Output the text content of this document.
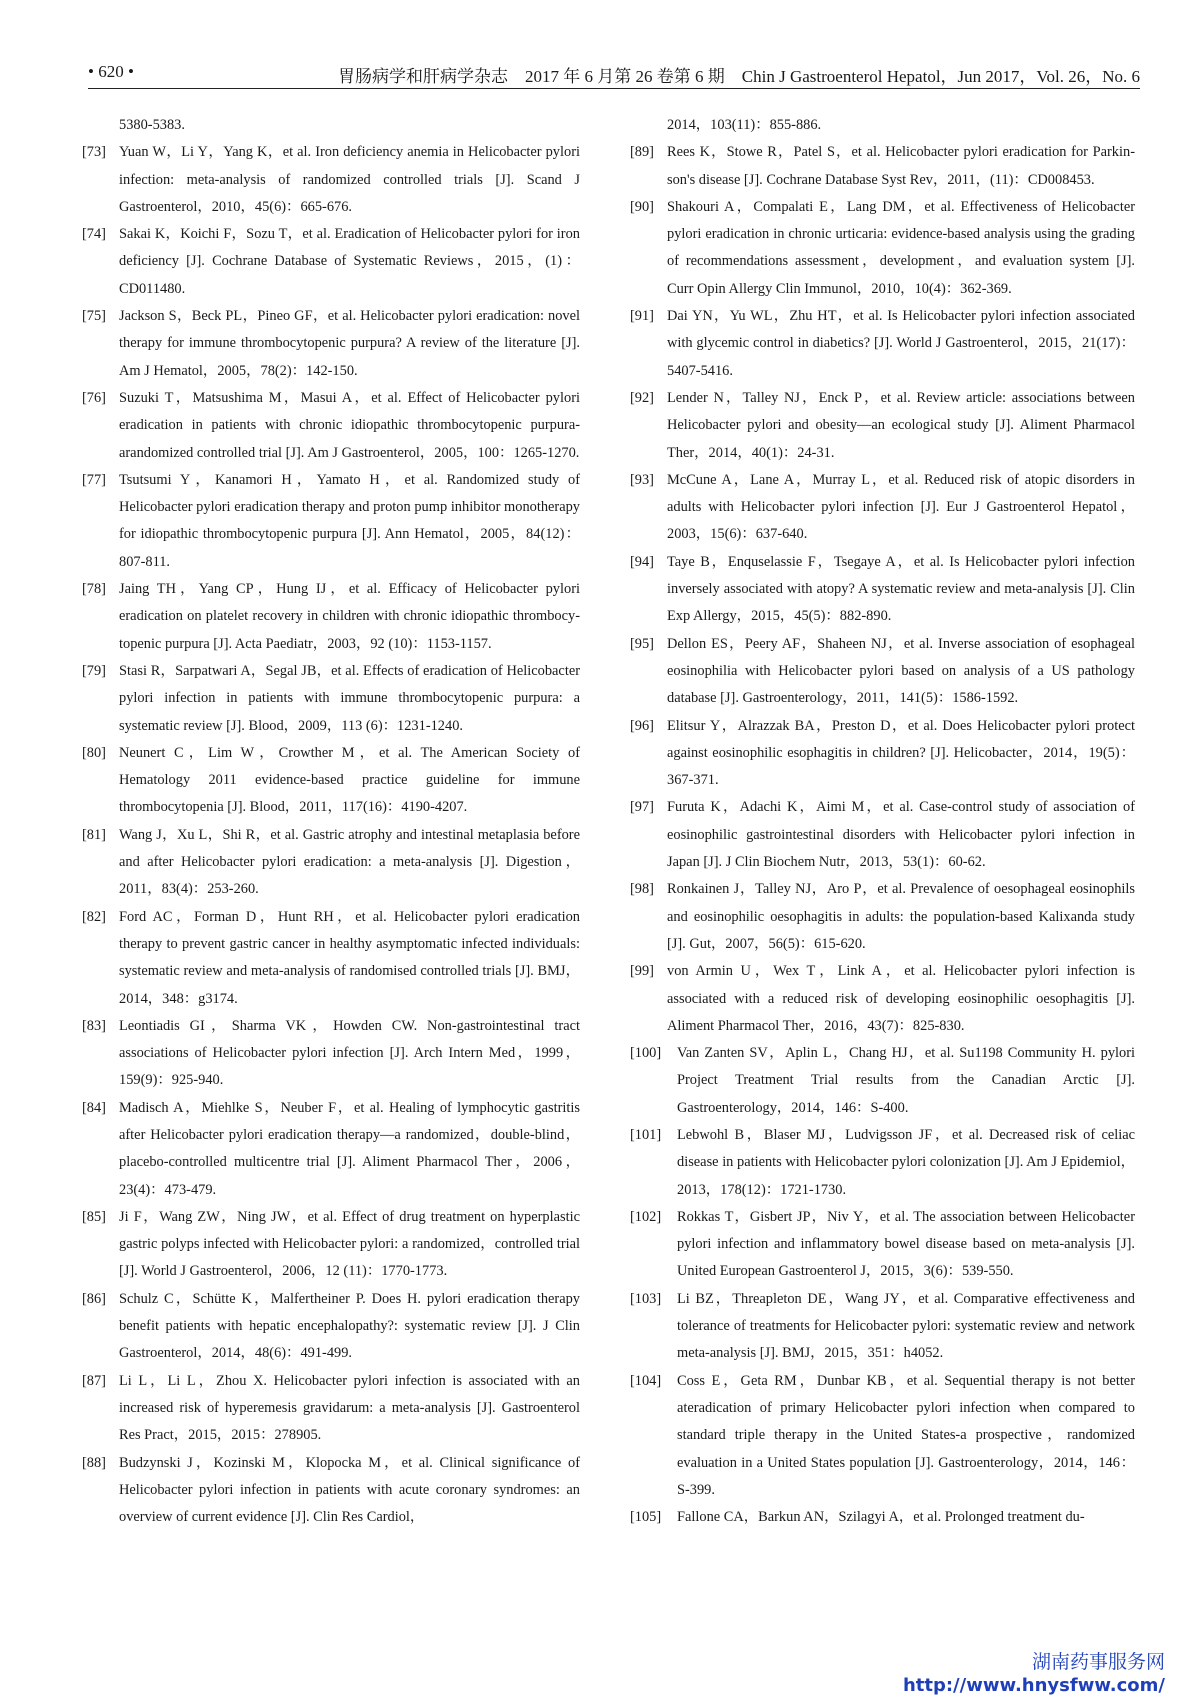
• 620 •	胃肠病学和肝病学杂志　2017 年 6 月第 26 卷第 6 期　Chin J Gastroenterol Hepatol，Jun 2017，Vol. 26，No. 6
5380-5383.
[73] Yuan W，Li Y，Yang K，et al. Iron deficiency anemia in Helicobacter pylori infection: meta-analysis of randomized controlled trials [J]. Scand J Gastroenterol，2010，45(6)：665-676.
[74] Sakai K，Koichi F，Sozu T，et al. Eradication of Helicobacter pylori for iron deficiency [J]. Cochrane Database of Systematic Reviews，2015，(1)：CD011480.
[75] Jackson S，Beck PL，Pineo GF，et al. Helicobacter pylori eradication: novel therapy for immune thrombocytopenic purpura? A review of the literature [J]. Am J Hematol，2005，78(2)：142-150.
[76] Suzuki T，Matsushima M，Masui A，et al. Effect of Helicobacter pylori eradication in patients with chronic idiopathic thrombocytopenic purpura-arandomized controlled trial [J]. Am J Gastroenterol，2005，100：1265-1270.
[77] Tsutsumi Y，Kanamori H，Yamato H，et al. Randomized study of Helicobacter pylori eradication therapy and proton pump inhibitor monotherapy for idiopathic thrombocytopenic purpura [J]. Ann Hematol，2005，84(12)：807-811.
[78] Jaing TH，Yang CP，Hung IJ，et al. Efficacy of Helicobacter pylori eradication on platelet recovery in children with chronic idiopathic thrombocy-topenic purpura [J]. Acta Paediatr，2003，92 (10)：1153-1157.
[79] Stasi R，Sarpatwari A，Segal JB，et al. Effects of eradication of Helicobacter pylori infection in patients with immune thrombocytopenic purpura: a systematic review [J]. Blood，2009，113 (6)：1231-1240.
[80] Neunert C，Lim W，Crowther M，et al. The American Society of Hematology 2011 evidence-based practice guideline for immune thrombocytopenia [J]. Blood，2011，117(16)：4190-4207.
[81] Wang J，Xu L，Shi R，et al. Gastric atrophy and intestinal metaplasia before and after Helicobacter pylori eradication: a meta-analysis [J]. Digestion，2011，83(4)：253-260.
[82] Ford AC，Forman D，Hunt RH，et al. Helicobacter pylori eradication therapy to prevent gastric cancer in healthy asymptomatic infected individuals: systematic review and meta-analysis of randomised controlled trials [J]. BMJ，2014，348：g3174.
[83] Leontiadis GI，Sharma VK，Howden CW. Non-gastrointestinal tract associations of Helicobacter pylori infection [J]. Arch Intern Med，1999，159(9)：925-940.
[84] Madisch A，Miehlke S，Neuber F，et al. Healing of lymphocytic gastritis after Helicobacter pylori eradication therapy—a randomized，double-blind，placebo-controlled multicentre trial [J]. Aliment Pharmacol Ther，2006，23(4)：473-479.
[85] Ji F，Wang ZW，Ning JW，et al. Effect of drug treatment on hyperplastic gastric polyps infected with Helicobacter pylori: a randomized，controlled trial [J]. World J Gastroenterol，2006，12 (11)：1770-1773.
[86] Schulz C，Schütte K，Malfertheiner P. Does H. pylori eradication therapy benefit patients with hepatic encephalopathy?: systematic review [J]. J Clin Gastroenterol，2014，48(6)：491-499.
[87] Li L，Li L，Zhou X. Helicobacter pylori infection is associated with an increased risk of hyperemesis gravidarum: a meta-analysis [J]. Gastroenterol Res Pract，2015，2015：278905.
[88] Budzynski J，Kozinski M，Klopocka M，et al. Clinical significance of Helicobacter pylori infection in patients with acute coronary syndromes: an overview of current evidence [J]. Clin Res Cardiol，
2014，103(11)：855-886.
[89] Rees K，Stowe R，Patel S，et al. Helicobacter pylori eradication for Parkin-son's disease [J]. Cochrane Database Syst Rev，2011，(11)：CD008453.
[90] Shakouri A，Compalati E，Lang DM，et al. Effectiveness of Helicobacter pylori eradication in chronic urticaria: evidence-based analysis using the grading of recommendations assessment，development，and evaluation system [J]. Curr Opin Allergy Clin Immunol，2010，10(4)：362-369.
[91] Dai YN，Yu WL，Zhu HT，et al. Is Helicobacter pylori infection associated with glycemic control in diabetics? [J]. World J Gastroenterol，2015，21(17)：5407-5416.
[92] Lender N，Talley NJ，Enck P，et al. Review article: associations between Helicobacter pylori and obesity—an ecological study [J]. Aliment Pharmacol Ther，2014，40(1)：24-31.
[93] McCune A，Lane A，Murray L，et al. Reduced risk of atopic disorders in adults with Helicobacter pylori infection [J]. Eur J Gastroenterol Hepatol，2003，15(6)：637-640.
[94] Taye B，Enquselassie F，Tsegaye A，et al. Is Helicobacter pylori infection inversely associated with atopy? A systematic review and meta-analysis [J]. Clin Exp Allergy，2015，45(5)：882-890.
[95] Dellon ES，Peery AF，Shaheen NJ，et al. Inverse association of esophageal eosinophilia with Helicobacter pylori based on analysis of a US pathology database [J]. Gastroenterology，2011，141(5)：1586-1592.
[96] Elitsur Y，Alrazzak BA，Preston D，et al. Does Helicobacter pylori protect against eosinophilic esophagitis in children? [J]. Helicobacter，2014，19(5)：367-371.
[97] Furuta K，Adachi K，Aimi M，et al. Case-control study of association of eosinophilic gastrointestinal disorders with Helicobacter pylori infection in Japan [J]. J Clin Biochem Nutr，2013，53(1)：60-62.
[98] Ronkainen J，Talley NJ，Aro P，et al. Prevalence of oesophageal eosinophils and eosinophilic oesophagitis in adults: the population-based Kalixanda study [J]. Gut，2007，56(5)：615-620.
[99] von Armin U，Wex T，Link A，et al. Helicobacter pylori infection is associated with a reduced risk of developing eosinophilic oesophagitis [J]. Aliment Pharmacol Ther，2016，43(7)：825-830.
[100]	Van Zanten SV，Aplin L，Chang HJ，et al. Su1198 Community H. pylori Project Treatment Trial results from the Canadian Arctic [J]. Gastroenterology，2014，146：S-400.
[101]	Lebwohl B，Blaser MJ，Ludvigsson JF，et al. Decreased risk of celiac disease in patients with Helicobacter pylori colonization [J]. Am J Epidemiol，2013，178(12)：1721-1730.
[102]	Rokkas T，Gisbert JP，Niv Y，et al. The association between Helicobacter pylori infection and inflammatory bowel disease based on meta-analysis [J]. United European Gastroenterol J，2015，3(6)：539-550.
[103]	Li BZ，Threapleton DE，Wang JY，et al. Comparative effectiveness and tolerance of treatments for Helicobacter pylori: systematic review and network meta-analysis [J]. BMJ，2015，351：h4052.
[104]	Coss E，Geta RM，Dunbar KB，et al. Sequential therapy is not better ateradication of primary Helicobacter pylori infection when compared to standard triple therapy in the United States-a prospective，randomized evaluation in a United States population [J]. Gastroenterology，2014，146：S-399.
[105]	Fallone CA，Barkun AN，Szilagyi A，et al. Prolonged treatment du-
湖南药事服务网
http://www.hnysfww.com/
